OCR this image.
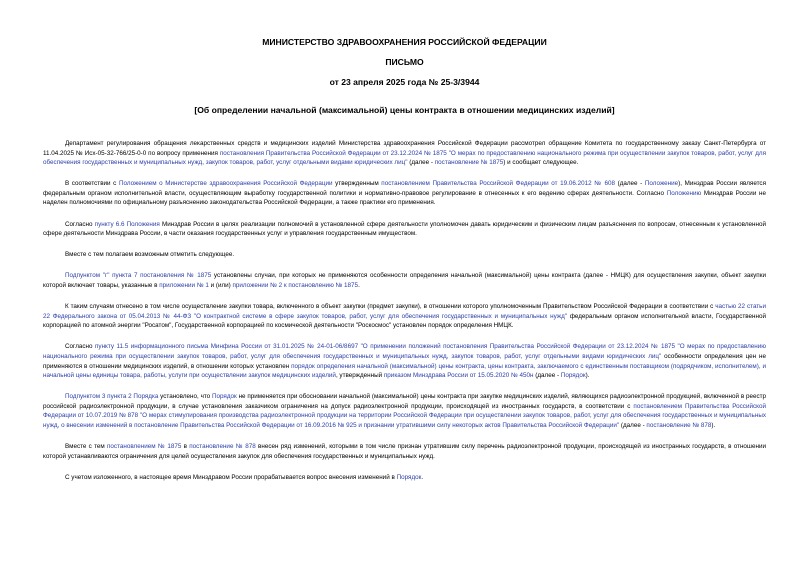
МИНИСТЕРСТВО ЗДРАВООХРАНЕНИЯ РОССИЙСКОЙ ФЕДЕРАЦИИ
ПИСЬМО
от 23 апреля 2025 года № 25-3/3944
[Об определении начальной (максимальной) цены контракта в отношении медицинских изделий]

Департамент регулирования обращения лекарственных средств и медицинских изделий Министерства здравоохранения Российской Федерации рассмотрел обращение Комитета по государственному заказу Санкт-Петербурга от 11.04.2025 № Исх-05-32-766/25-0-0 по вопросу применения постановления Правительства Российской Федерации от 23.12.2024 № 1875 "О мерах по предоставлению национального режима при осуществлении закупок товаров, работ, услуг для обеспечения государственных и муниципальных нужд, закупок товаров, работ, услуг отдельными видами юридических лиц" (далее - постановление № 1875) и сообщает следующее.

В соответствии с Положением о Министерстве здравоохранения Российской Федерации утвержденным постановлением Правительства Российской Федерации от 19.06.2012 № 608 (далее - Положение), Минздрав России является федеральным органом исполнительной власти, осуществляющим выработку государственной политики и нормативно-правовое регулирование в отнесенных к его ведению сферах деятельности. Согласно Положению Минздрав России не наделен полномочиями по официальному разъяснению законодательства Российской Федерации, а также практики его применения.

Согласно пункту 6.6 Положения Минздрав России в целях реализации полномочий в установленной сфере деятельности уполномочен давать юридическим и физическим лицам разъяснения по вопросам, отнесенным к установленной сфере деятельности Минздрава России, в части оказания государственных услуг и управления государственным имуществом.

Вместе с тем полагаем возможным отметить следующее.

Подпунктом "г" пункта 7 постановления № 1875 установлены случаи, при которых не применяются особенности определения начальной (максимальной) цены контракта (далее - НМЦК) для осуществления закупки, объект закупки которой включает товары, указанные в приложении № 1 и (или) приложении № 2 к постановлению № 1875.

К таким случаям отнесено в том числе осуществление закупки товара, включенного в объект закупки (предмет закупки), в отношении которого уполномоченным Правительством Российской Федерации в соответствии с частью 22 статьи 22 Федерального закона от 05.04.2013 № 44-ФЗ "О контрактной системе в сфере закупок товаров, работ, услуг для обеспечения государственных и муниципальных нужд" федеральным органом исполнительной власти, Государственной корпорацией по атомной энергии "Росатом", Государственной корпорацией по космической деятельности "Роскосмос" установлен порядок определения НМЦК.

Согласно пункту 11.5 информационного письма Минфина России от 31.01.2025 № 24-01-06/8697 "О применении положений постановления Правительства Российской Федерации от 23.12.2024 № 1875 "О мерах по предоставлению национального режима при осуществлении закупок товаров, работ, услуг для обеспечения государственных и муниципальных нужд, закупок товаров, работ, услуг отдельными видами юридических лиц" особенности определения цен не применяются в отношении медицинских изделий, в отношении которых установлен порядок определения начальной (максимальной) цены контракта, цены контракта, заключаемого с единственным поставщиком (подрядчиком, исполнителем), и начальной цены единицы товара, работы, услуги при осуществлении закупок медицинских изделий, утвержденный приказом Минздрава России от 15.05.2020 № 450н (далее - Порядок).

Подпунктом 3 пункта 2 Порядка установлено, что Порядок не применяется при обосновании начальной (максимальной) цены контракта при закупке медицинских изделий, являющихся радиоэлектронной продукцией, включенной в реестр российской радиоэлектронной продукции, в случае установления заказчиком ограничения на допуск радиоэлектронной продукции, происходящей из иностранных государств, в соответствии с постановлением Правительства Российской Федерации от 10.07.2019 № 878 "О мерах стимулирования производства радиоэлектронной продукции на территории Российской Федерации при осуществлении закупок товаров, работ, услуг для обеспечения государственных и муниципальных нужд, о внесении изменений в постановление Правительства Российской Федерации от 16.09.2016 № 925 и признании утратившими силу некоторых актов Правительства Российской Федерации" (далее - постановление № 878).

Вместе с тем постановлением № 1875 в постановление № 878 внесен ряд изменений, которыми в том числе признан утратившим силу перечень радиоэлектронной продукции, происходящей из иностранных государств, в отношении которой устанавливаются ограничения для целей осуществления закупок для обеспечения государственных и муниципальных нужд.

С учетом изложенного, в настоящее время Минздравом России прорабатывается вопрос внесения изменений в Порядок.
